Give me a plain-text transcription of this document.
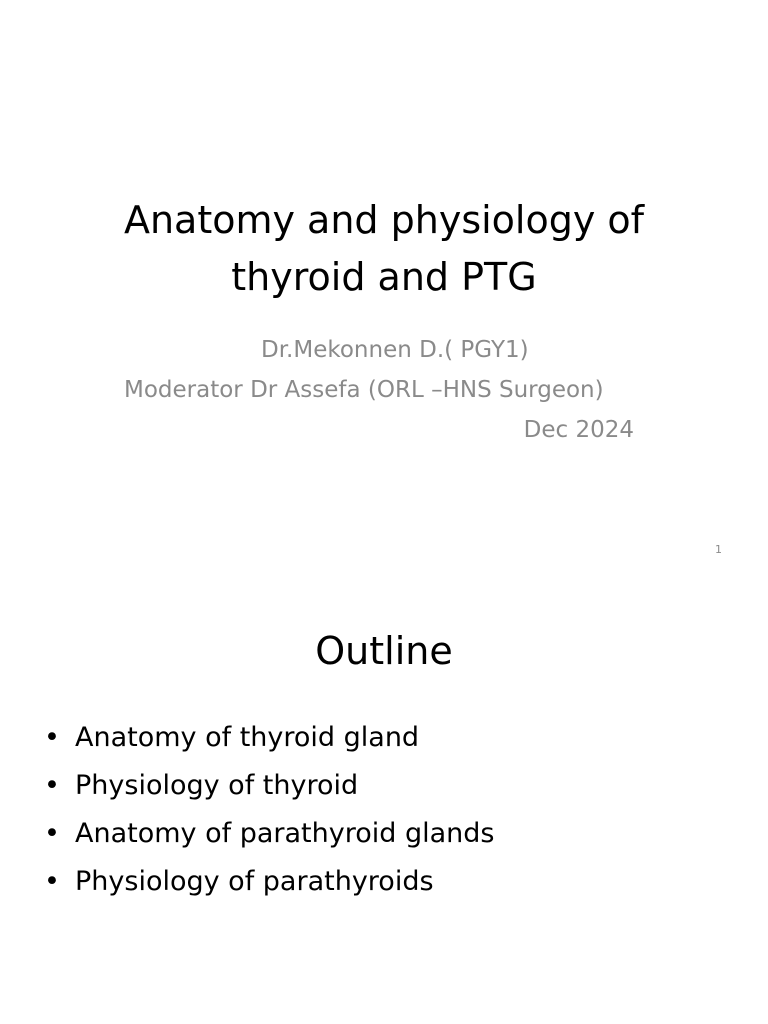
Anatomy and physiology of
thyroid and PTG
Dr.Mekonnen D.( PGY1)
Moderator Dr Assefa (ORL –HNS Surgeon)
Dec 2024
1
Outline
• Anatomy of thyroid gland
• Physiology of thyroid
• Anatomy of parathyroid glands
• Physiology of parathyroids
